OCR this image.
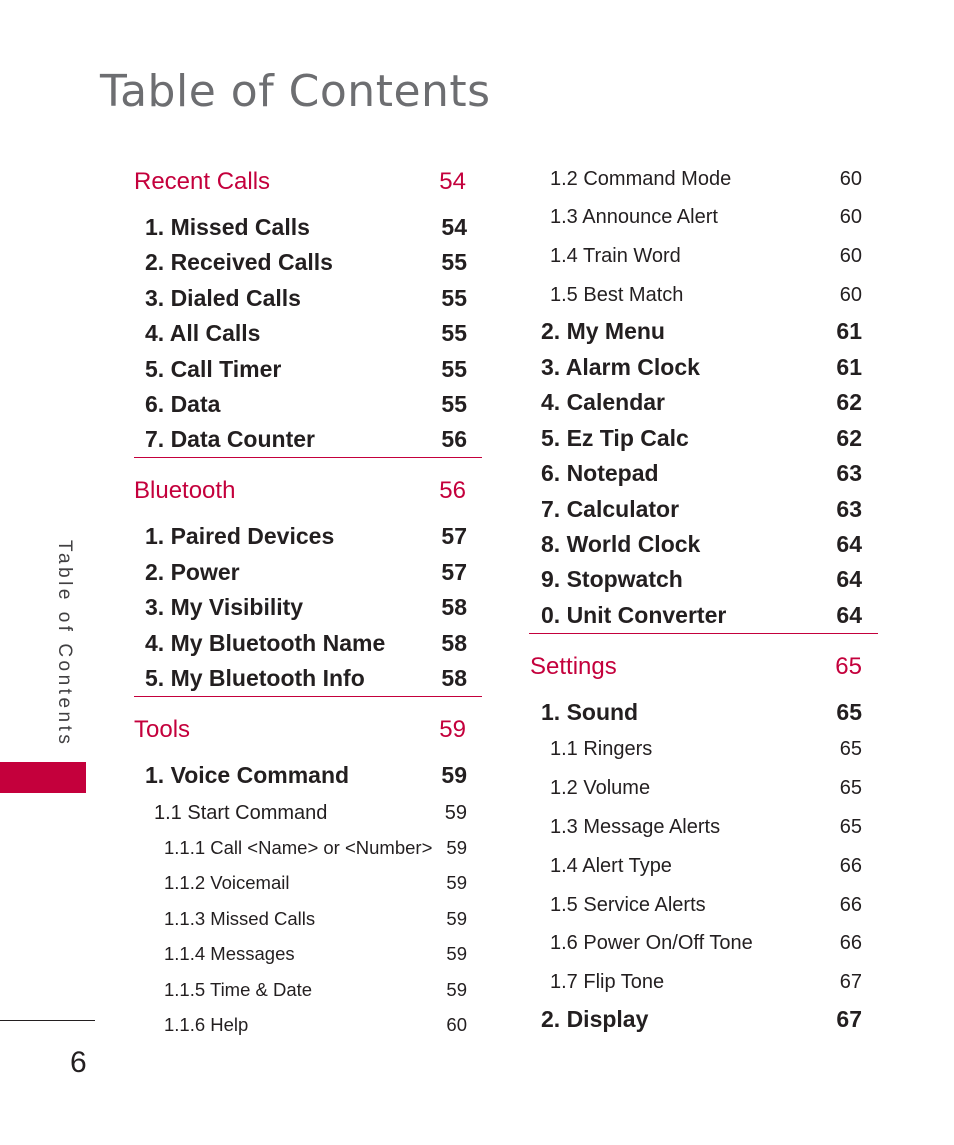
Table of Contents
Table of Contents
6
Recent Calls	54
1. Missed Calls	54
2. Received Calls	55
3. Dialed Calls	55
4. All Calls	55
5. Call Timer	55
6. Data	55
7. Data Counter	56
Bluetooth	56
1. Paired Devices	57
2. Power	57
3. My Visibility	58
4. My Bluetooth Name 58
5. My Bluetooth Info	58
Tools	59
1. Voice Command	59
1.1 Start Command	59
1.1.1 Call <Name> or <Number> 59
1.1.2 Voicemail	59
1.1.3 Missed Calls	59
1.1.4 Messages	59
1.1.5 Time & Date	59
1.1.6 Help	60
1.2 Command Mode	60
1.3 Announce Alert	60
1.4 Train Word	60
1.5 Best Match	60
2. My Menu	61
3. Alarm Clock	61
4. Calendar	62
5. Ez Tip Calc	62
6. Notepad	63
7. Calculator	63
8. World Clock	64
9. Stopwatch	64
0. Unit Converter	64
Settings	65
1. Sound	65
1.1 Ringers	65
1.2 Volume	65
1.3 Message Alerts	65
1.4 Alert Type	66
1.5 Service Alerts	66
1.6 Power On/Off Tone	66
1.7 Flip Tone	67
2. Display	67
